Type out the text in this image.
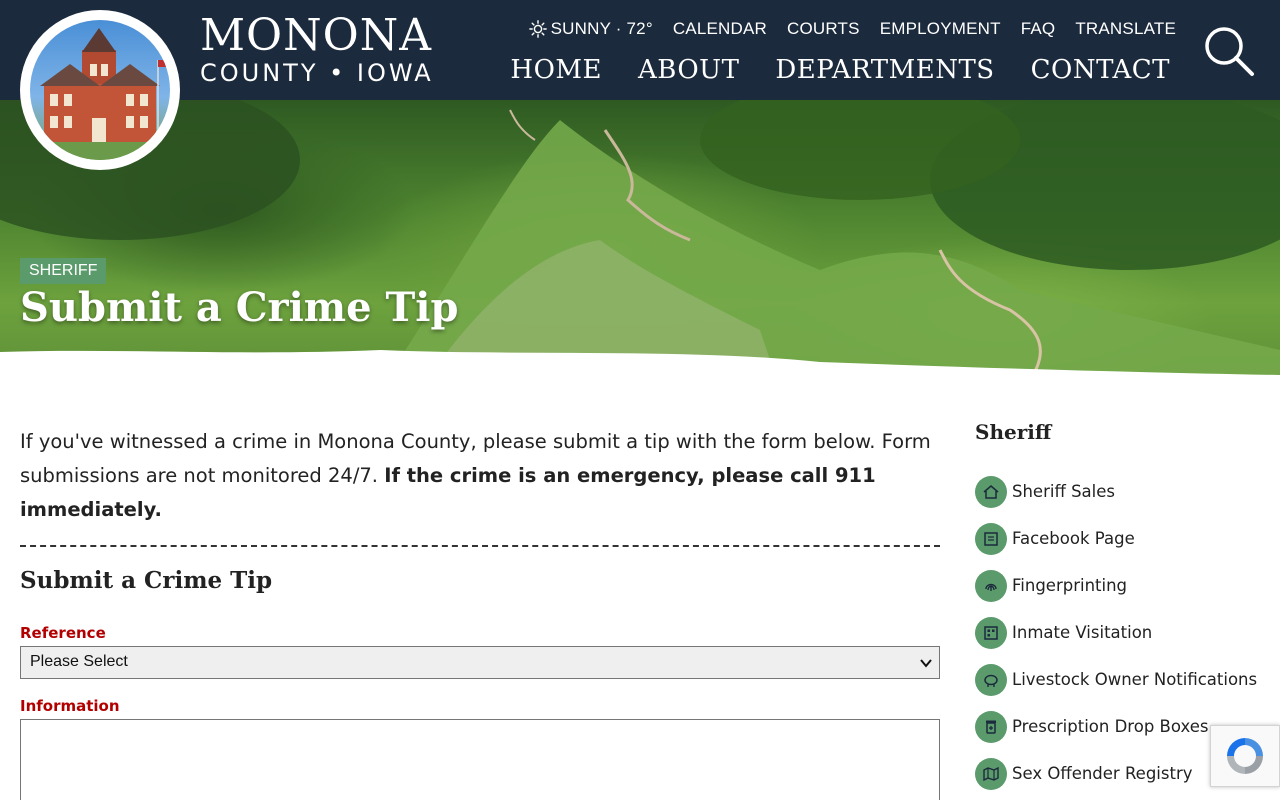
MONONA
COUNTY • IOWA
SUNNY · 72° CALENDAR COURTS EMPLOYMENT FAQ TRANSLATE
HOME ABOUT DEPARTMENTS CONTACT
SHERIFF
Submit a Crime Tip

If you've witnessed a crime in Monona County, please submit a tip with the form below. Form submissions are not monitored 24/7. If the crime is an emergency, please call 911 immediately.

Submit a Crime Tip
Reference
Please Select
Information
Sheriff
Sheriff Sales
Facebook Page
Fingerprinting
Inmate Visitation
Livestock Owner Notifications
Prescription Drop Boxes
Sex Offender Registry
